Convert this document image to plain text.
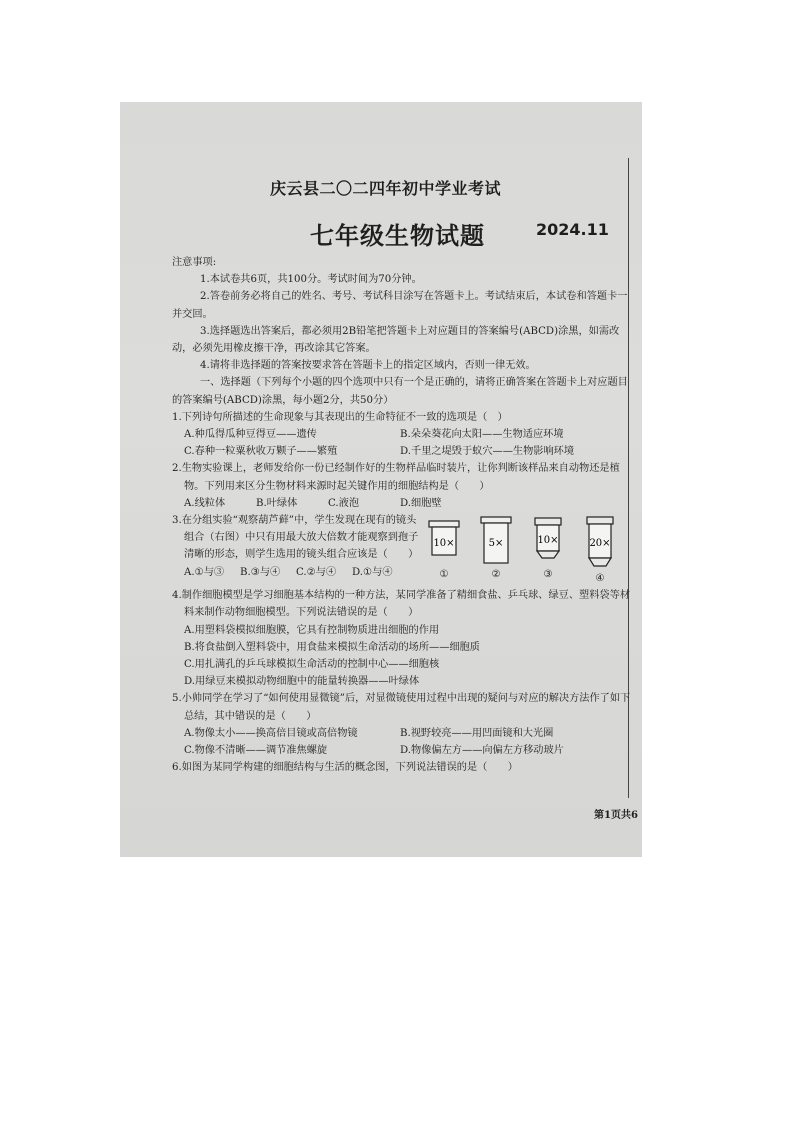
庆云县二〇二四年初中学业考试
七年级生物试题	2024.11

注意事项:

1.本试卷共6页，共100分。考试时间为70分钟。

2.答卷前务必将自己的姓名、考号、考试科目涂写在答题卡上。考试结束后，本试卷和答题卡一并交回。

3.选择题选出答案后，都必须用2B铅笔把答题卡上对应题目的答案编号(ABCD)涂黑，如需改动，必须先用橡皮擦干净，再改涂其它答案。

4.请将非选择题的答案按要求答在答题卡上的指定区域内，否则一律无效。

一、选择题（下列每个小题的四个选项中只有一个是正确的，请将正确答案在答题卡上对应题目的答案编号(ABCD)涂黑，每小题2分，共50分）

1.下列诗句所描述的生命现象与其表现出的生命特征不一致的选项是（　）

A.种瓜得瓜种豆得豆——遗传	B.朵朵葵花向太阳——生物适应环境
C.春种一粒粟秋收万颗子——繁殖	D.千里之堤毁于蚁穴——生物影响环境

2.生物实验课上，老师发给你一份已经制作好的生物样品临时装片，让你判断该样品来自动物还是植物。下列用来区分生物材料来源时起关键作用的细胞结构是（　　）

A.线粒体	B.叶绿体	C.液泡	D.细胞壁

3.在分组实验“观察葫芦藓”中，学生发现在现有的镜头组合（右图）中只有用最大放大倍数才能观察到孢子清晰的形态，则学生选用的镜头组合应该是（　　）

A.①与③	B.③与④	C.②与④	D.①与④
10×
①
5×
②
10×
③
20×
④

4.制作细胞模型是学习细胞基本结构的一种方法，某同学准备了精细食盐、乒乓球、绿豆、塑料袋等材料来制作动物细胞模型。下列说法错误的是（　　）

A.用塑料袋模拟细胞膜，它具有控制物质进出细胞的作用
B.将食盐倒入塑料袋中，用食盐来模拟生命活动的场所——细胞质
C.用扎满孔的乒乓球模拟生命活动的控制中心——细胞核
D.用绿豆来模拟动物细胞中的能量转换器——叶绿体

5.小帅同学在学习了“如何使用显微镜”后，对显微镜使用过程中出现的疑问与对应的解决方法作了如下总结，其中错误的是（　　）

A.物像太小——换高倍目镜或高倍物镜	B.视野较亮——用凹面镜和大光圈
C.物像不清晰——调节准焦螺旋	D.物像偏左方——向偏左方移动玻片

6.如图为某同学构建的细胞结构与生活的概念图，下列说法错误的是（　　）

第1页共6
